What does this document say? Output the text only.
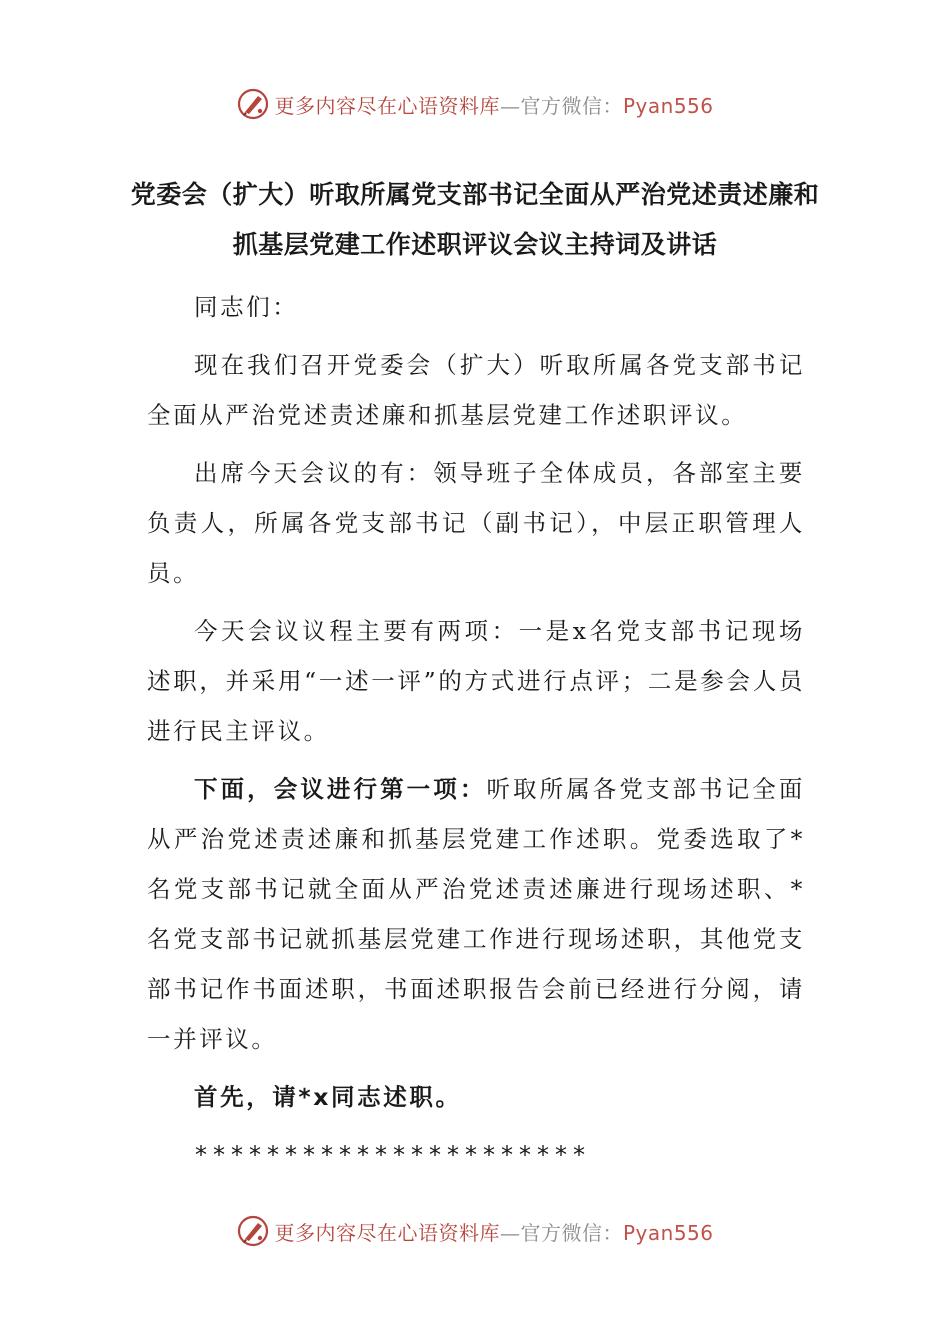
更多内容尽在心语资料库—官方微信：Pyan556
党委会（扩大）听取所属党支部书记全面从严治党述责述廉和抓基层党建工作述职评议会议主持词及讲话

同志们：

现在我们召开党委会（扩大）听取所属各党支部书记全面从严治党述责述廉和抓基层党建工作述职评议。

出席今天会议的有：领导班子全体成员，各部室主要负责人，所属各党支部书记（副书记），中层正职管理人员。

今天会议议程主要有两项：一是x名党支部书记现场述职，并采用“一述一评”的方式进行点评；二是参会人员进行民主评议。

下面，会议进行第一项：听取所属各党支部书记全面从严治党述责述廉和抓基层党建工作述职。党委选取了*名党支部书记就全面从严治党述责述廉进行现场述职、*名党支部书记就抓基层党建工作进行现场述职，其他党支部书记作书面述职，书面述职报告会前已经进行分阅，请一并评议。

首先，请*x同志述职。

**********************

更多内容尽在心语资料库—官方微信：Pyan556
